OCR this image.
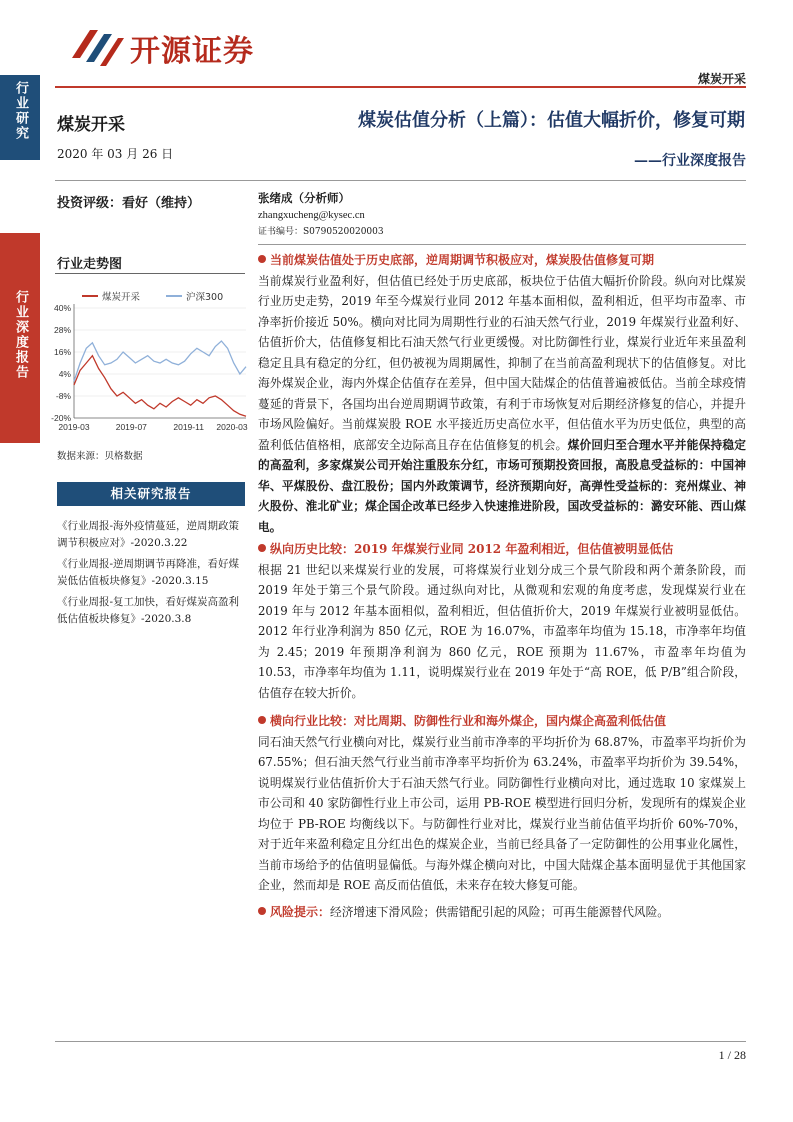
开源证券
煤炭开采
行业研究
行业深度报告
煤炭开采
2020 年 03 月 26 日
煤炭估值分析（上篇）：估值大幅折价，修复可期
——行业深度报告
投资评级：看好（维持）	张绪成（分析师）
zhangxucheng@kysec.cn
证书编号：S0790520020003
行业走势图
煤炭开采	沪深300
-20%
-8%
4%
16%
28%
40%
2019-03	2019-07	2019-11 2020-03
数据来源：贝格数据
相关研究报告
《行业周报-海外疫情蔓延，逆周期政策调节积极应对》-2020.3.22
《行业周报-逆周期调节再降准，看好煤炭低估值板块修复》-2020.3.15
《行业周报-复工加快，看好煤炭高盈利低估值板块修复》-2020.3.8
当前煤炭估值处于历史底部，逆周期调节积极应对，煤炭股估值修复可期

当前煤炭行业盈利好，但估值已经处于历史底部，板块位于估值大幅折价阶段。纵向对比煤炭行业历史走势，2019 年至今煤炭行业同 2012 年基本面相似，盈利相近，但平均市盈率、市净率折价接近 50%。横向对比同为周期性行业的石油天然气行业，2019 年煤炭行业盈利好、估值折价大，估值修复相比石油天然气行业更缓慢。对比防御性行业，煤炭行业近年来虽盈利稳定且具有稳定的分红，但仍被视为周期属性，抑制了在当前高盈利现状下的估值修复。对比海外煤炭企业，海内外煤企估值存在差异，但中国大陆煤企的估值普遍被低估。当前全球疫情蔓延的背景下，各国均出台逆周期调节政策，有利于市场恢复对后期经济修复的信心，并提升市场风险偏好。当前煤炭股 ROE 水平接近历史高位水平，但估值水平为历史低位，典型的高盈利低估值格相，底部安全边际高且存在估值修复的机会。煤价回归至合理水平并能保持稳定的高盈利，多家煤炭公司开始注重股东分红，市场可预期投资回报，高股息受益标的：中国神华、平煤股份、盘江股份；国内外政策调节，经济预期向好，高弹性受益标的：兖州煤业、神火股份、淮北矿业；煤企国企改革已经步入快速推进阶段，国改受益标的：潞安环能、西山煤电。

纵向历史比较：2019 年煤炭行业同 2012 年盈利相近，但估值被明显低估

根据 21 世纪以来煤炭行业的发展，可将煤炭行业划分成三个景气阶段和两个萧条阶段，而 2019 年处于第三个景气阶段。通过纵向对比，从微观和宏观的角度考虑，发现煤炭行业在 2019 年与 2012 年基本面相似，盈利相近，但估值折价大，2019 年煤炭行业被明显低估。2012 年行业净利润为 850 亿元，ROE 为 16.07%，市盈率年均值为 15.18，市净率年均值为 2.45；2019 年预期净利润为 860 亿元，ROE 预期为 11.67%，市盈率年均值为 10.53，市净率年均值为 1.11，说明煤炭行业在 2019 年处于“高 ROE，低 P/B”组合阶段，估值存在较大折价。

横向行业比较：对比周期、防御性行业和海外煤企，国内煤企高盈利低估值

同石油天然气行业横向对比，煤炭行业当前市净率的平均折价为 68.87%，市盈率平均折价为 67.55%；但石油天然气行业当前市净率平均折价为 63.24%，市盈率平均折价为 39.54%，说明煤炭行业估值折价大于石油天然气行业。同防御性行业横向对比，通过选取 10 家煤炭上市公司和 40 家防御性行业上市公司，运用 PB-ROE 模型进行回归分析，发现所有的煤炭企业均位于 PB-ROE 均衡线以下。与防御性行业对比，煤炭行业当前估值平均折价 60%-70%，对于近年来盈利稳定且分红出色的煤炭企业，当前已经具备了一定防御性的公用事业化属性，当前市场给予的估值明显偏低。与海外煤企横向对比，中国大陆煤企基本面明显优于其他国家企业，然而却是 ROE 高反而估值低，未来存在较大修复可能。

风险提示：经济增速下滑风险；供需错配引起的风险；可再生能源替代风险。
1 / 28
